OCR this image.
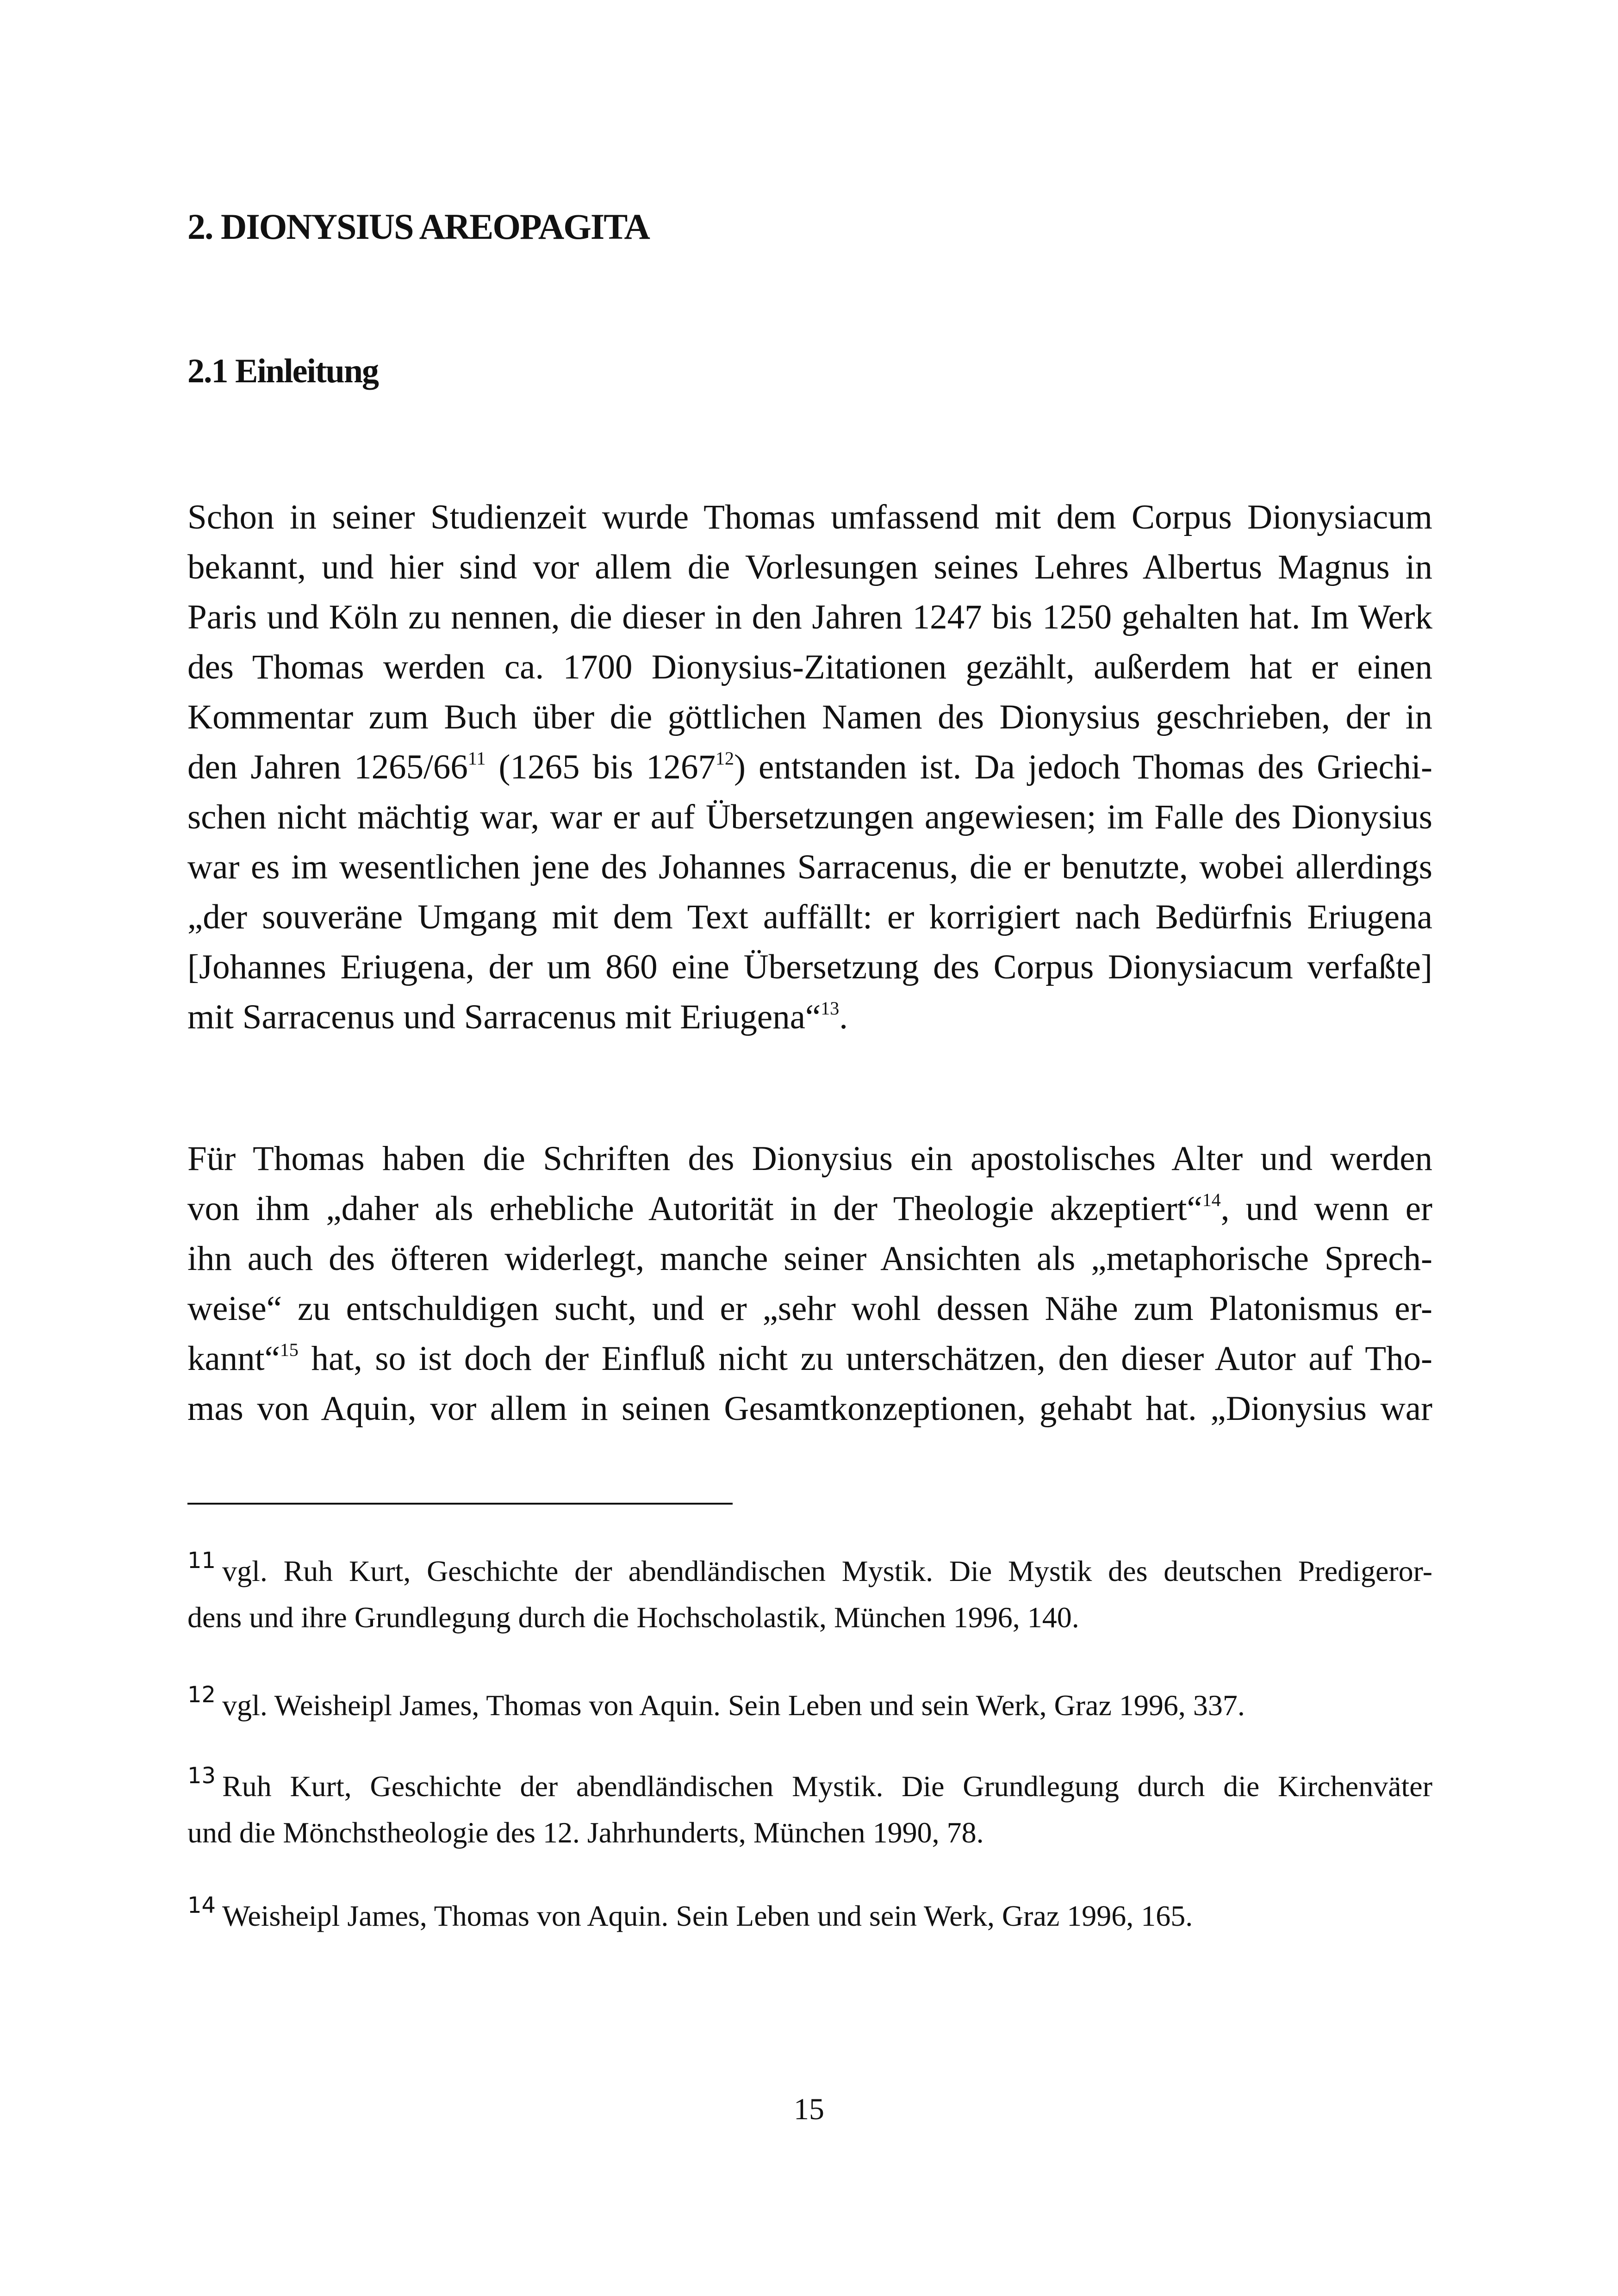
2. DIONYSIUS AREOPAGITA
2.1 Einleitung
Schon in seiner Studienzeit wurde Thomas umfassend mit dem Corpus Dionysiacum
bekannt, und hier sind vor allem die Vorlesungen seines Lehres Albertus Magnus in
Paris und Köln zu nennen, die dieser in den Jahren 1247 bis 1250 gehalten hat. Im Werk
des Thomas werden ca. 1700 Dionysius-Zitationen gezählt, außerdem hat er einen
Kommentar zum Buch über die göttlichen Namen des Dionysius geschrieben, der in
den Jahren $1265/66^{11}$ (1265 bis 1267$^{12}$) entstanden ist. Da jedoch Thomas des Griechi-
schen nicht mächtig war, war er auf Übersetzungen angewiesen; im Falle des Dionysius
war es im wesentlichen jene des Johannes Sarracenus, die er benutzte, wobei allerdings
„der souveräne Umgang mit dem Text auffällt: er korrigiert nach Bedürfnis Eriugena
[Johannes Eriugena, der um 860 eine Übersetzung des Corpus Dionysiacum verfaßte]
mit Sarracenus und Sarracenus mit Eriugena“$^{13}$.
Für Thomas haben die Schriften des Dionysius ein apostolisches Alter und werden
von ihm „daher als erhebliche Autorität in der Theologie akzeptiert“$^{14}$, und wenn er
ihn auch des öfteren widerlegt, manche seiner Ansichten als „metaphorische Sprech-
weise“ zu entschuldigen sucht, und er „sehr wohl dessen Nähe zum Platonismus er-
kannt“$^{15}$ hat, so ist doch der Einfluß nicht zu unterschätzen, den dieser Autor auf Tho-
mas von Aquin, vor allem in seinen Gesamtkonzeptionen, gehabt hat. „Dionysius war
$^{11}$ vgl. Ruh Kurt, Geschichte der abendländischen Mystik. Die Mystik des deutschen Predigeror-
dens und ihre Grundlegung durch die Hochscholastik, München 1996, 140.
$^{12}$ vgl. Weisheipl James, Thomas von Aquin. Sein Leben und sein Werk, Graz 1996, 337.
$^{13}$ Ruh Kurt, Geschichte der abendländischen Mystik. Die Grundlegung durch die Kirchenväter
und die Mönchstheologie des 12. Jahrhunderts, München 1990, 78.
$^{14}$ Weisheipl James, Thomas von Aquin. Sein Leben und sein Werk, Graz 1996, 165.
15
